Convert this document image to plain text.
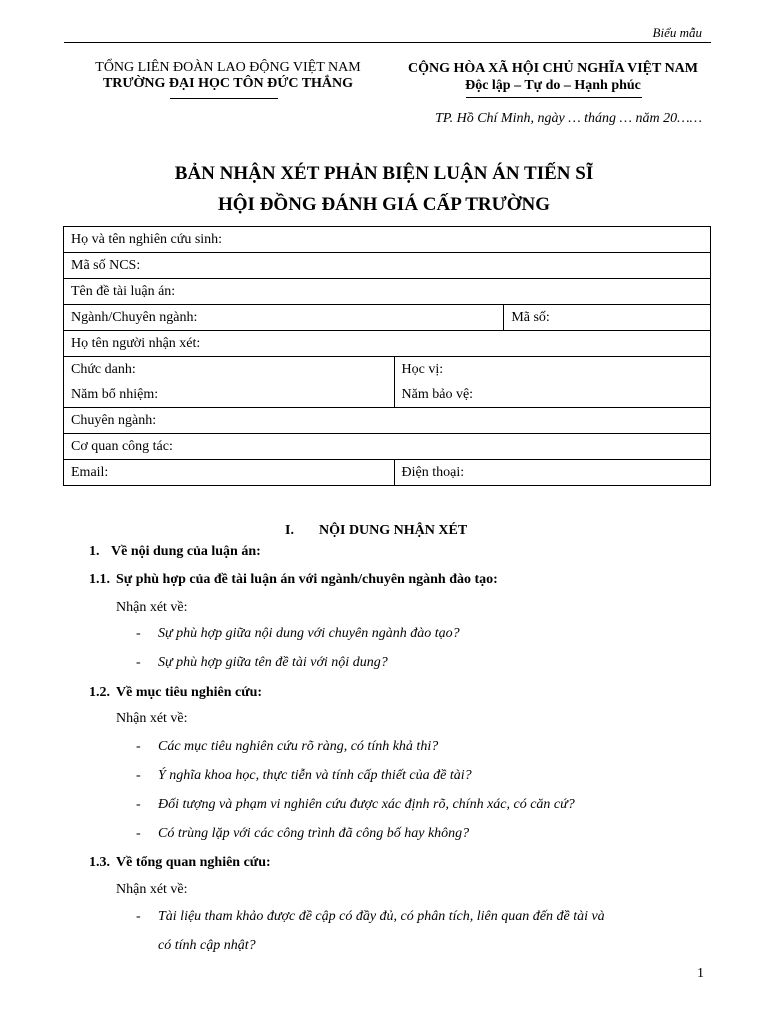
Biểu mẫu
TỔNG LIÊN ĐOÀN LAO ĐỘNG VIỆT NAM
TRƯỜNG ĐẠI HỌC TÔN ĐỨC THẮNG
CỘNG HÒA XÃ HỘI CHỦ NGHĨA VIỆT NAM
Độc lập – Tự do – Hạnh phúc
TP. Hồ Chí Minh, ngày … tháng … năm 20……
BẢN NHẬN XÉT PHẢN BIỆN LUẬN ÁN TIẾN SĨ
HỘI ĐỒNG ĐÁNH GIÁ CẤP TRƯỜNG
Họ và tên nghiên cứu sinh:		
Mã số NCS:		
Tên đề tài luận án:		
Ngành/Chuyên ngành:		Mã số:
Họ tên người nhận xét:		
Chức danh:	Học vị:	
Năm bổ nhiệm:	Năm bảo vệ:	
Chuyên ngành:		
Cơ quan công tác:		
Email:	Điện thoại:	
I. NỘI DUNG NHẬN XÉT
1. Về nội dung của luận án:
1.1. Sự phù hợp của đề tài luận án với ngành/chuyên ngành đào tạo:
Nhận xét về:
- Sự phù hợp giữa nội dung với chuyên ngành đào tạo?
- Sự phù hợp giữa tên đề tài với nội dung?
1.2. Về mục tiêu nghiên cứu:
Nhận xét về:
- Các mục tiêu nghiên cứu rõ ràng, có tính khả thi?
- Ý nghĩa khoa học, thực tiễn và tính cấp thiết của đề tài?
- Đối tượng và phạm vi nghiên cứu được xác định rõ, chính xác, có căn cứ?
- Có trùng lặp với các công trình đã công bố hay không?
1.3. Về tổng quan nghiên cứu:
Nhận xét về:
- Tài liệu tham khảo được đề cập có đầy đủ, có phân tích, liên quan đến đề tài và
có tính cập nhật?
1
